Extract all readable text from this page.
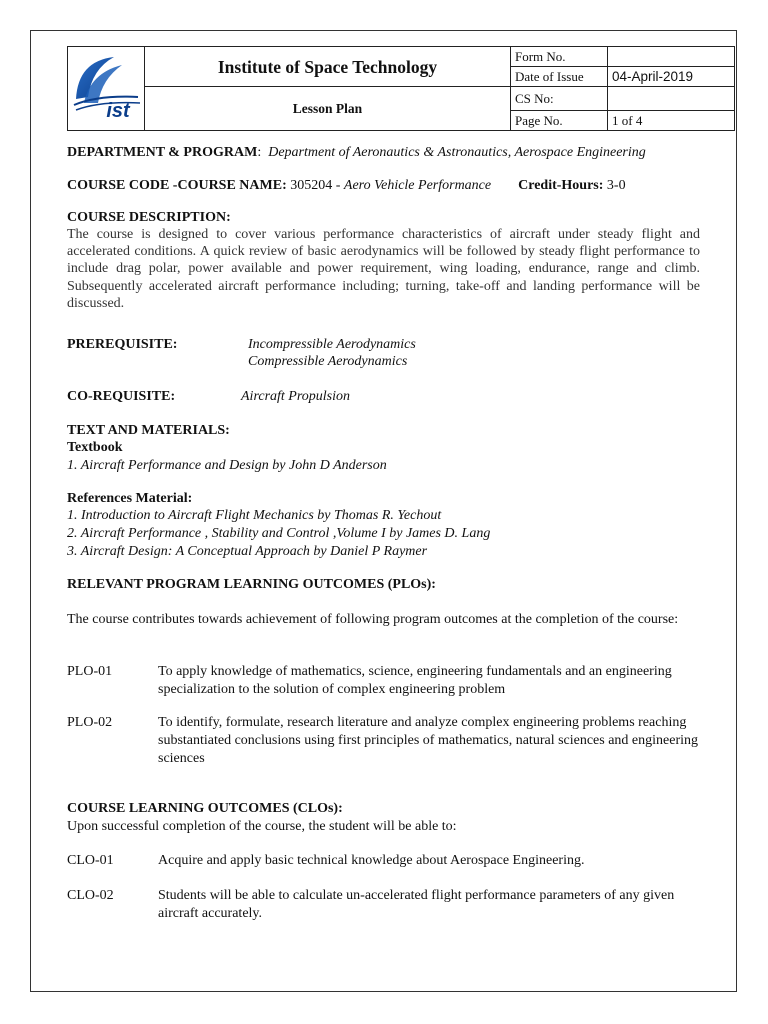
ist	Institute of Space Technology	Form No.	
		Date of Issue	04-April-2019
	Lesson Plan	CS No:	
		Page No.	1 of 4

DEPARTMENT & PROGRAM:  Department of Aeronautics & Astronautics, Aerospace Engineering

COURSE CODE -COURSE NAME: 305204 - Aero Vehicle Performance Credit-Hours: 3-0

COURSE DESCRIPTION:

The course is designed to cover various performance characteristics of aircraft under steady flight and accelerated conditions. A quick review of basic aerodynamics will be followed by steady flight performance to include drag polar, power available and power requirement, wing loading, endurance, range and climb. Subsequently accelerated aircraft performance including; turning, take-off and landing performance will be discussed.

PREREQUISITE:	Incompressible Aerodynamics

Compressible Aerodynamics

CO-REQUISITE:	Aircraft Propulsion

TEXT AND MATERIALS:

Textbook

1. Aircraft Performance and Design by John D Anderson

References Material:

1. Introduction to Aircraft Flight Mechanics by Thomas R. Yechout
2. Aircraft Performance , Stability and Control ,Volume I by James D. Lang
3. Aircraft Design: A Conceptual Approach by Daniel P Raymer

RELEVANT PROGRAM LEARNING OUTCOMES (PLOs):

The course contributes towards achievement of following program outcomes at the completion of the course:

PLO-01	To apply knowledge of mathematics, science, engineering fundamentals and an engineering specialization to the solution of complex engineering problem
PLO-02	To identify, formulate, research literature and analyze complex engineering problems reaching substantiated conclusions using first principles of mathematics, natural sciences and engineering sciences

COURSE LEARNING OUTCOMES (CLOs):

Upon successful completion of the course, the student will be able to:

CLO-01	Acquire and apply basic technical knowledge about Aerospace Engineering.
CLO-02	Students will be able to calculate un-accelerated flight performance parameters of any given aircraft accurately.
